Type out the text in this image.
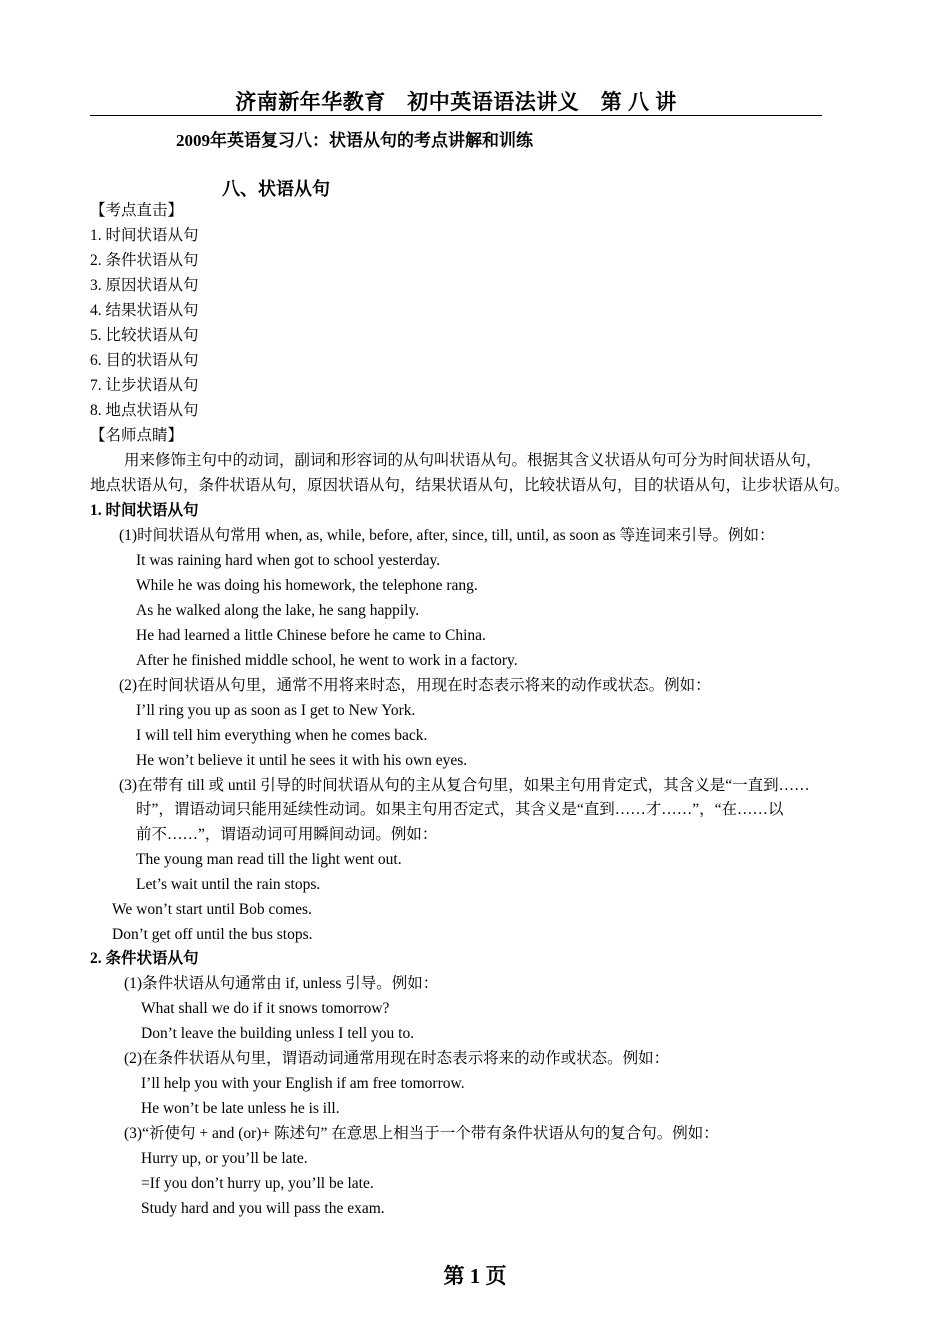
济南新年华教育　初中英语语法讲义　第 八 讲
2009年英语复习八：状语从句的考点讲解和训练
八、状语从句
【考点直击】
1. 时间状语从句
2. 条件状语从句
3. 原因状语从句
4. 结果状语从句
5. 比较状语从句
6. 目的状语从句
7. 让步状语从句
8. 地点状语从句
【名师点睛】
用来修饰主句中的动词，副词和形容词的从句叫状语从句。根据其含义状语从句可分为时间状语从句，
地点状语从句，条件状语从句，原因状语从句，结果状语从句，比较状语从句，目的状语从句，让步状语从句。
1. 时间状语从句
(1)时间状语从句常用 when, as, while, before, after, since, till, until, as soon as 等连词来引导。例如：
It was raining hard when got to school yesterday.
While he was doing his homework, the telephone rang.
As he walked along the lake, he sang happily.
He had learned a little Chinese before he came to China.
After he finished middle school, he went to work in a factory.
(2)在时间状语从句里，通常不用将来时态，用现在时态表示将来的动作或状态。例如：
I’ll ring you up as soon as I get to New York.
I will tell him everything when he comes back.
He won’t believe it until he sees it with his own eyes.
(3)在带有 till 或 until 引导的时间状语从句的主从复合句里，如果主句用肯定式，其含义是“一直到……
时”，谓语动词只能用延续性动词。如果主句用否定式，其含义是“直到……才……”，“在……以
前不……”，谓语动词可用瞬间动词。例如：
The young man read till the light went out.
Let’s wait until the rain stops.
We won’t start until Bob comes.
Don’t get off until the bus stops.
2. 条件状语从句
(1)条件状语从句通常由 if, unless 引导。例如：
What shall we do if it snows tomorrow?
Don’t leave the building unless I tell you to.
(2)在条件状语从句里，谓语动词通常用现在时态表示将来的动作或状态。例如：
I’ll help you with your English if am free tomorrow.
He won’t be late unless he is ill.
(3)“祈使句 + and (or)+ 陈述句” 在意思上相当于一个带有条件状语从句的复合句。例如：
Hurry up, or you’ll be late.
=If you don’t hurry up, you’ll be late.
Study hard and you will pass the exam.
第 1 页
